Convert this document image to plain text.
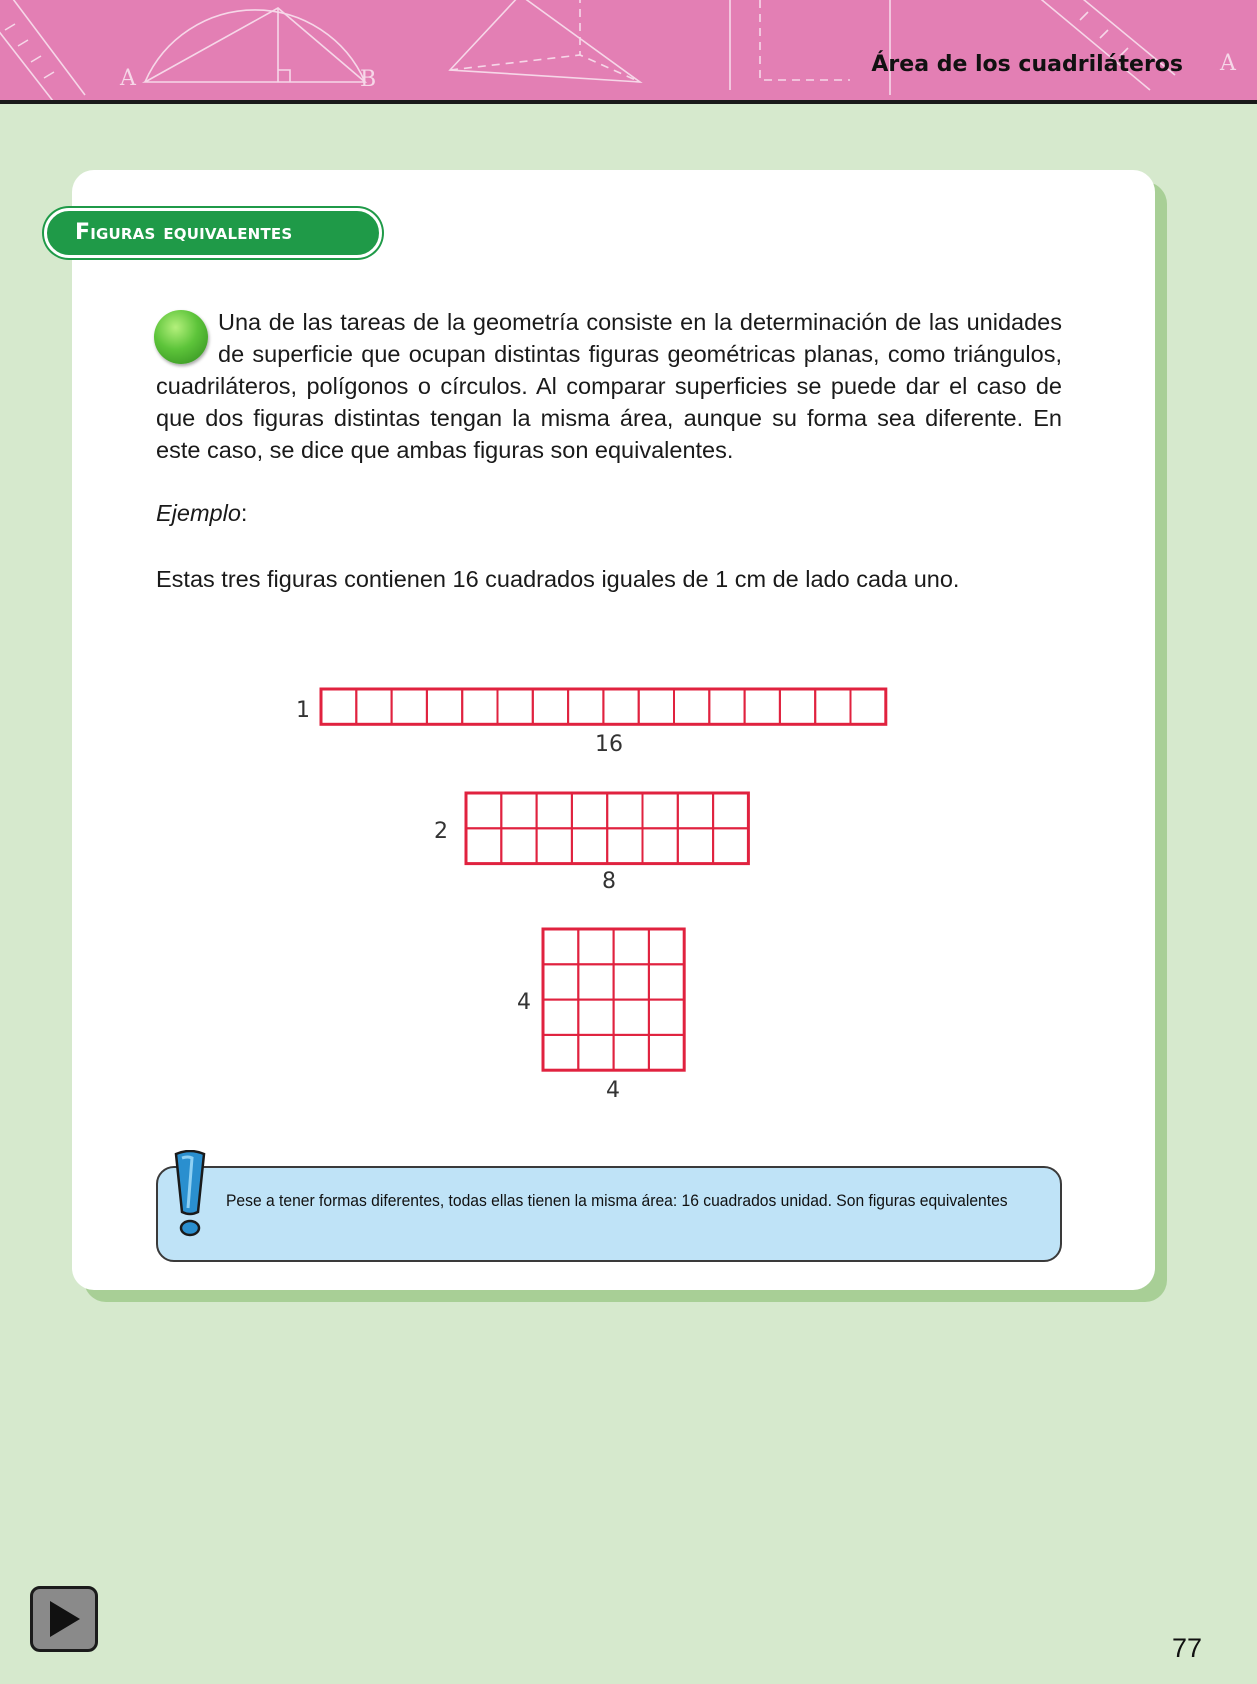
A	B
A
Área de los cuadriláteros
Figuras equivalentes

Una de las tareas de la geometría consiste en la determinación de las unidades de superficie que ocupan distintas figuras geométricas planas, como triángulos, cuadriláteros, polígonos o círculos. Al comparar superficies se puede dar el caso de que dos figuras distintas tengan la misma área, aunque su forma sea diferente. En este caso, se dice que ambas figuras son equivalentes.

Ejemplo:
Estas tres figuras contienen 16 cuadrados iguales de 1 cm de lado cada uno.
1
16
2
8
4
4
Pese a tener formas diferentes, todas ellas tienen la misma área: 16 cuadrados unidad. Son figuras equivalentes
77
